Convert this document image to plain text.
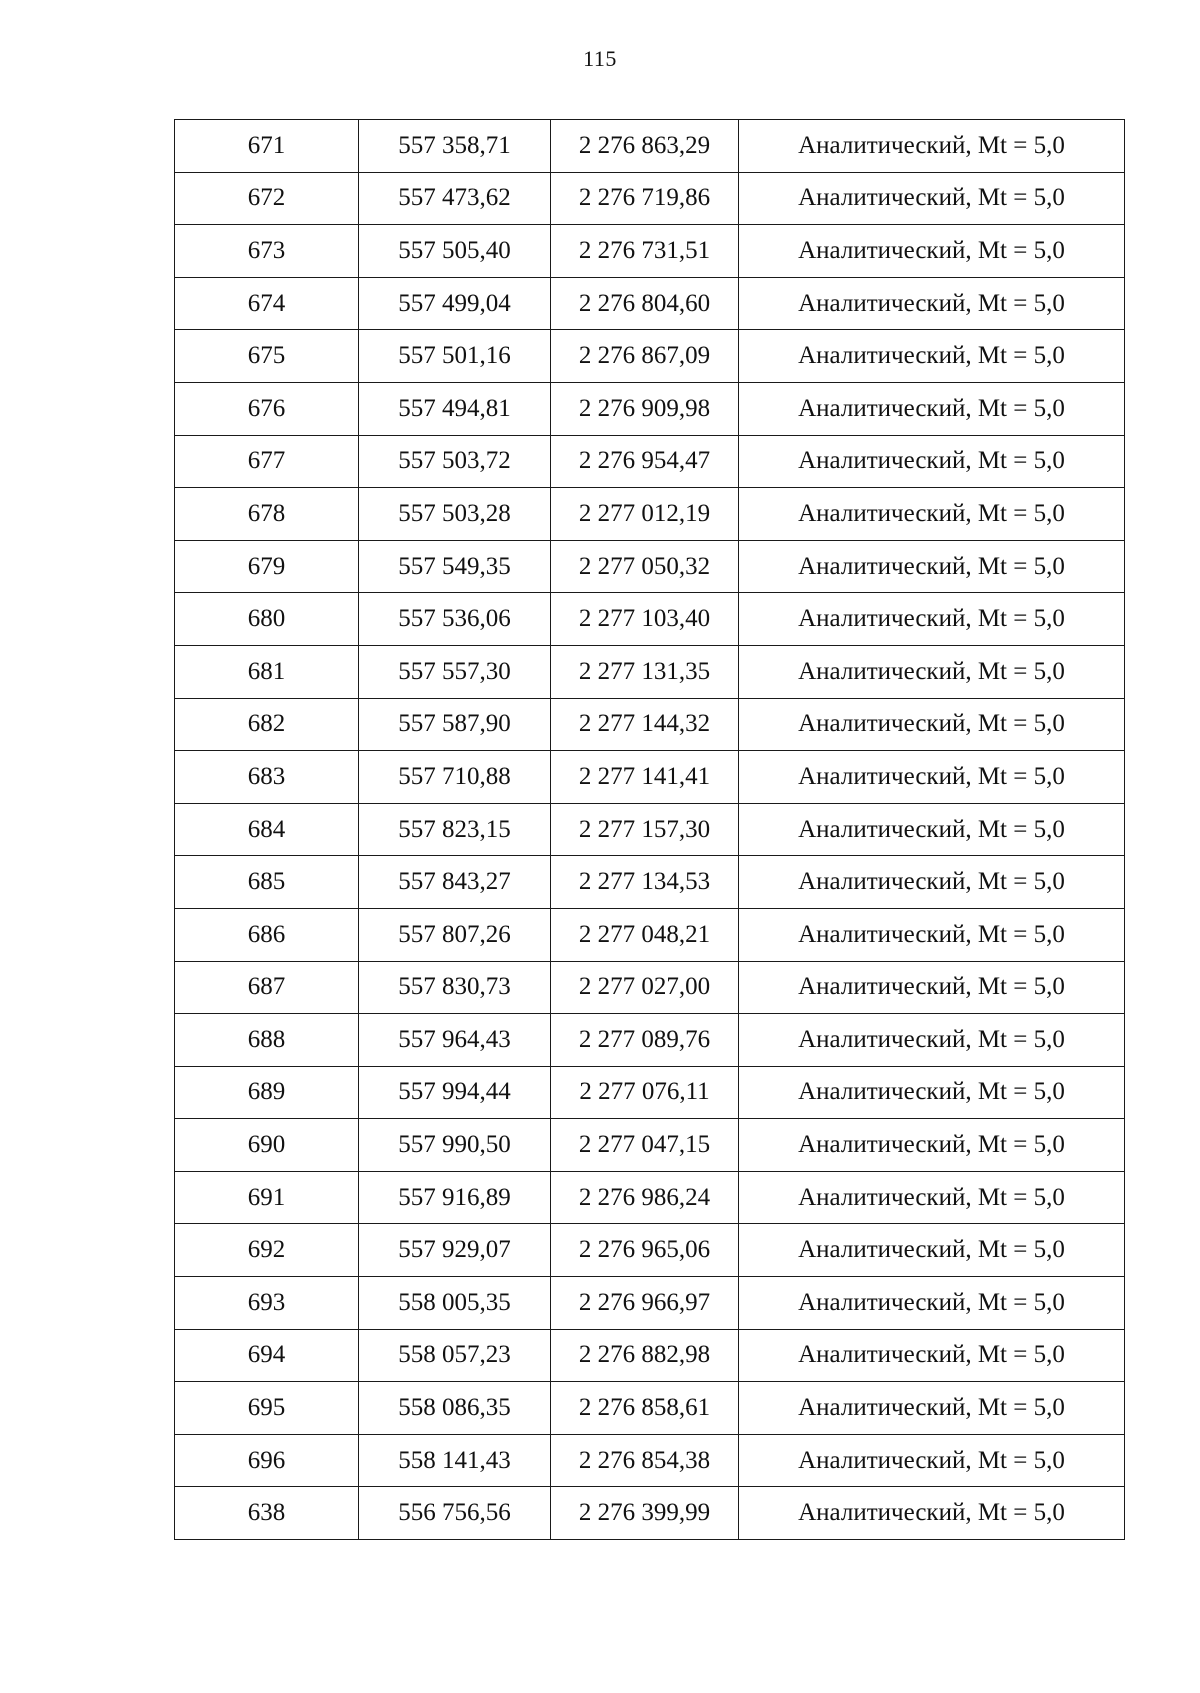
115
671	557 358,71	2 276 863,29	Аналитический, Mt = 5,0
672	557 473,62	2 276 719,86	Аналитический, Mt = 5,0
673	557 505,40	2 276 731,51	Аналитический, Mt = 5,0
674	557 499,04	2 276 804,60	Аналитический, Mt = 5,0
675	557 501,16	2 276 867,09	Аналитический, Mt = 5,0
676	557 494,81	2 276 909,98	Аналитический, Mt = 5,0
677	557 503,72	2 276 954,47	Аналитический, Mt = 5,0
678	557 503,28	2 277 012,19	Аналитический, Mt = 5,0
679	557 549,35	2 277 050,32	Аналитический, Mt = 5,0
680	557 536,06	2 277 103,40	Аналитический, Mt = 5,0
681	557 557,30	2 277 131,35	Аналитический, Mt = 5,0
682	557 587,90	2 277 144,32	Аналитический, Mt = 5,0
683	557 710,88	2 277 141,41	Аналитический, Mt = 5,0
684	557 823,15	2 277 157,30	Аналитический, Mt = 5,0
685	557 843,27	2 277 134,53	Аналитический, Mt = 5,0
686	557 807,26	2 277 048,21	Аналитический, Mt = 5,0
687	557 830,73	2 277 027,00	Аналитический, Mt = 5,0
688	557 964,43	2 277 089,76	Аналитический, Mt = 5,0
689	557 994,44	2 277 076,11	Аналитический, Mt = 5,0
690	557 990,50	2 277 047,15	Аналитический, Mt = 5,0
691	557 916,89	2 276 986,24	Аналитический, Mt = 5,0
692	557 929,07	2 276 965,06	Аналитический, Mt = 5,0
693	558 005,35	2 276 966,97	Аналитический, Mt = 5,0
694	558 057,23	2 276 882,98	Аналитический, Mt = 5,0
695	558 086,35	2 276 858,61	Аналитический, Mt = 5,0
696	558 141,43	2 276 854,38	Аналитический, Mt = 5,0
638	556 756,56	2 276 399,99	Аналитический, Mt = 5,0
